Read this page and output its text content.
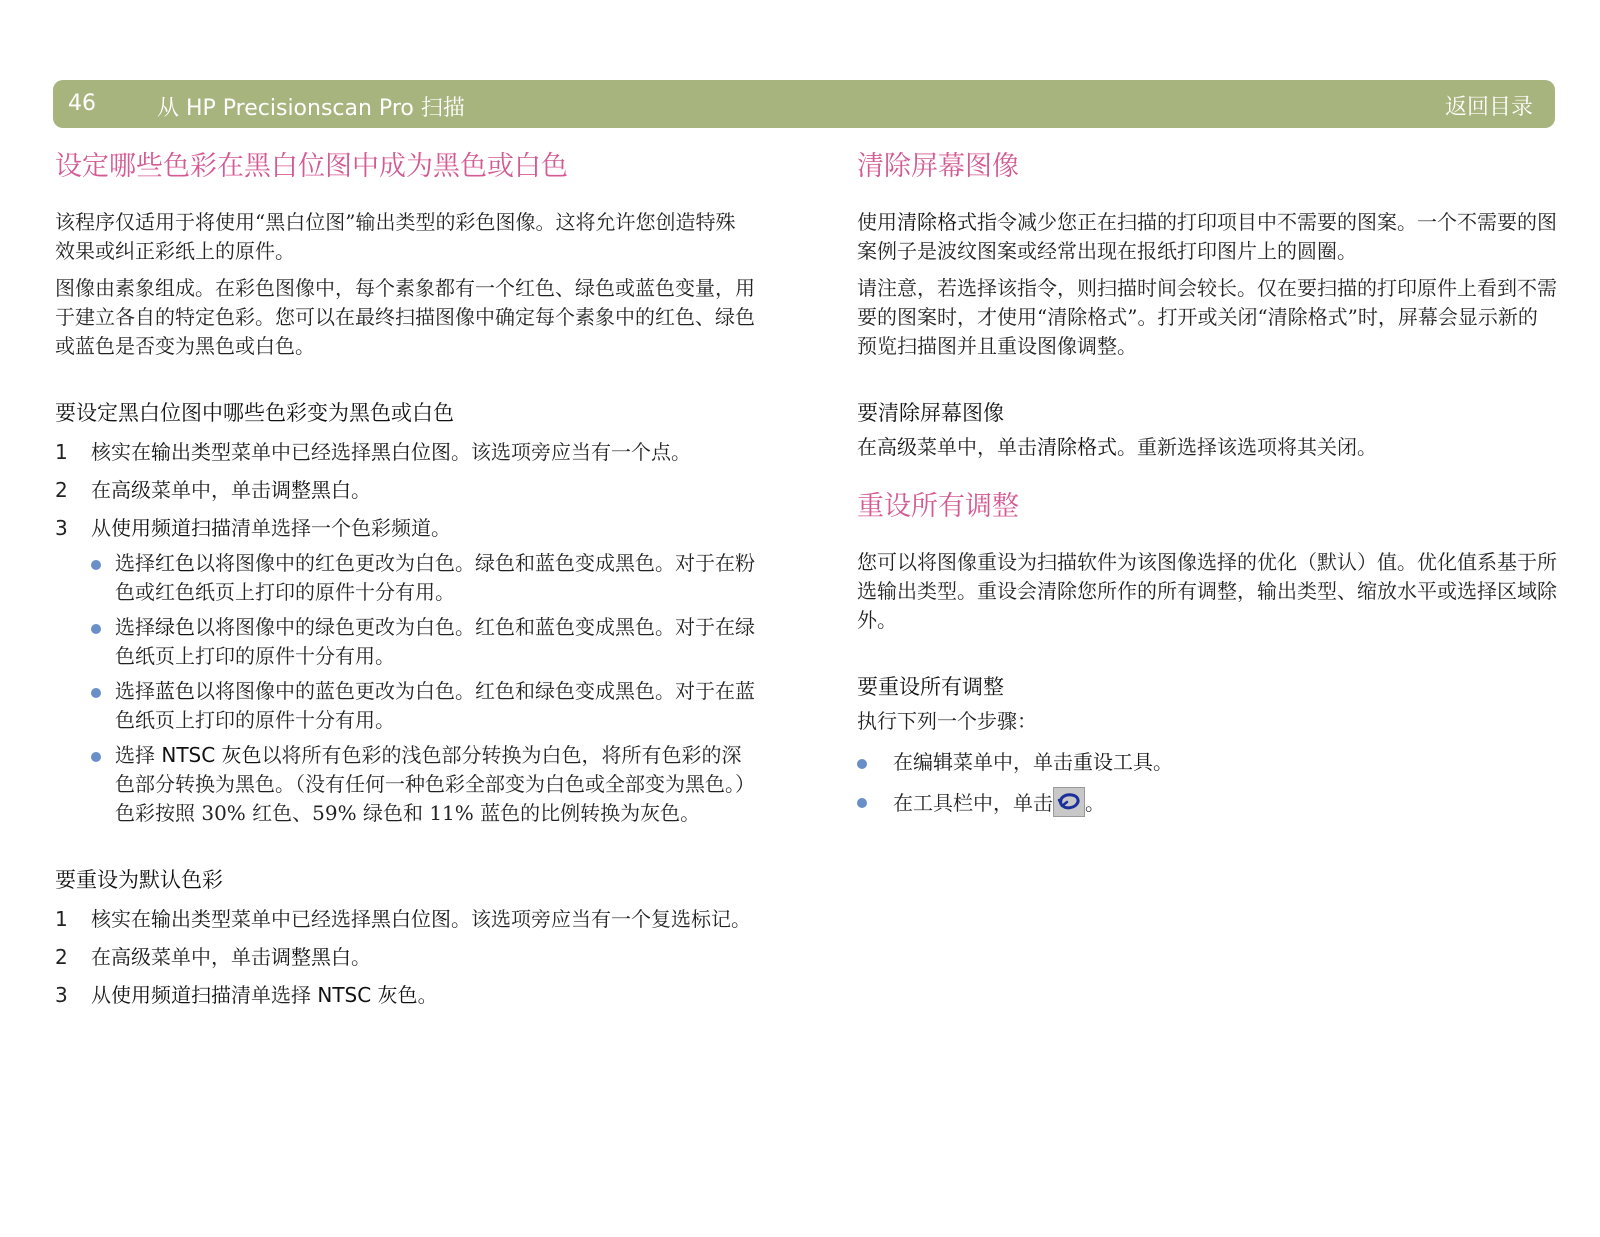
46	从 HP Precisionscan Pro 扫描	返回目录
设定哪些色彩在黑白位图中成为黑色或白色

该程序仅适用于将使用“黑白位图”输出类型的彩色图像。这将允许您创造特殊效果或纠正彩纸上的原件。

图像由素象组成。在彩色图像中，每个素象都有一个红色、绿色或蓝色变量，用于建立各自的特定色彩。您可以在最终扫描图像中确定每个素象中的红色、绿色或蓝色是否变为黑色或白色。

要设定黑白位图中哪些色彩变为黑色或白色
1	核实在输出类型菜单中已经选择黑白位图。该选项旁应当有一个点。
2	在高级菜单中，单击调整黑白。
3	从使用频道扫描清单选择一个色彩频道。
选择红色以将图像中的红色更改为白色。绿色和蓝色变成黑色。对于在粉色或红色纸页上打印的原件十分有用。
选择绿色以将图像中的绿色更改为白色。红色和蓝色变成黑色。对于在绿色纸页上打印的原件十分有用。
选择蓝色以将图像中的蓝色更改为白色。红色和绿色变成黑色。对于在蓝色纸页上打印的原件十分有用。
选择 NTSC 灰色以将所有色彩的浅色部分转换为白色，将所有色彩的深色部分转换为黑色。（没有任何一种色彩全部变为白色或全部变为黑色。）色彩按照 30% 红色、59% 绿色和 11% 蓝色的比例转换为灰色。
要重设为默认色彩
1	核实在输出类型菜单中已经选择黑白位图。该选项旁应当有一个复选标记。
2	在高级菜单中，单击调整黑白。
3	从使用频道扫描清单选择 NTSC 灰色。
清除屏幕图像

使用清除格式指令减少您正在扫描的打印项目中不需要的图案。一个不需要的图案例子是波纹图案或经常出现在报纸打印图片上的圆圈。

请注意，若选择该指令，则扫描时间会较长。仅在要扫描的打印原件上看到不需要的图案时，才使用“清除格式”。打开或关闭“清除格式”时，屏幕会显示新的预览扫描图并且重设图像调整。

要清除屏幕图像

在高级菜单中，单击清除格式。重新选择该选项将其关闭。

重设所有调整

您可以将图像重设为扫描软件为该图像选择的优化（默认）值。优化值系基于所选输出类型。重设会清除您所作的所有调整，输出类型、缩放水平或选择区域除外。

要重设所有调整

执行下列一个步骤：

在编辑菜单中，单击重设工具。
在工具栏中，单击 。
